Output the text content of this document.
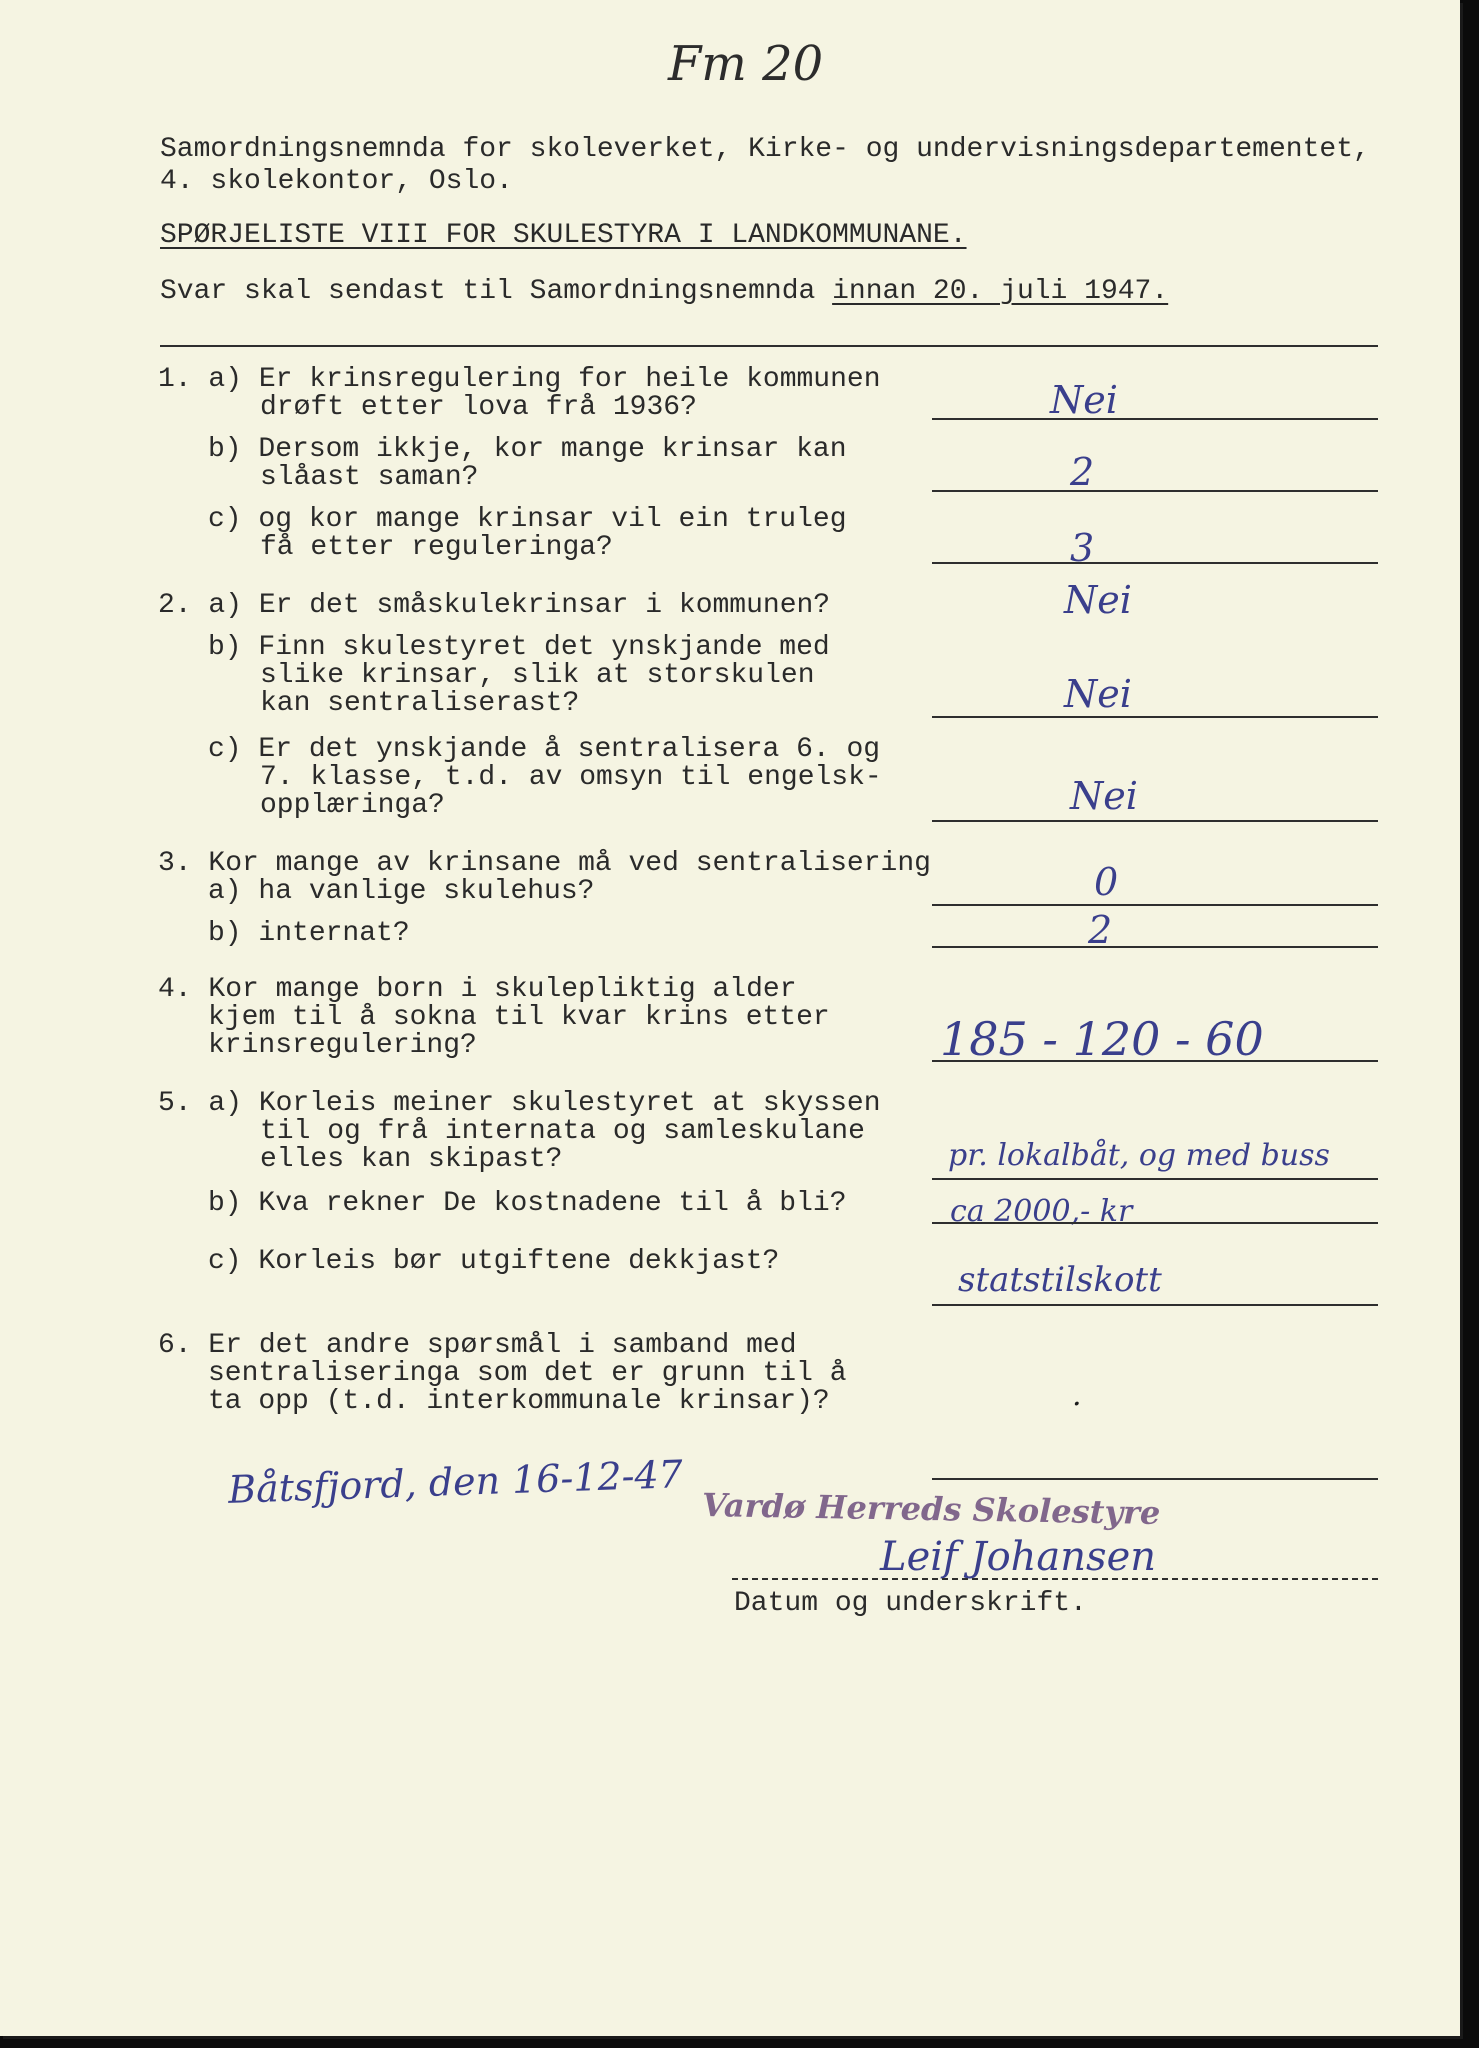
Fm 20
Samordningsnemnda for skoleverket, Kirke- og undervisningsdepartementet,
4. skolekontor, Oslo.
SPØRJELISTE VIII FOR SKULESTYRA I LANDKOMMUNANE.
Svar skal sendast til Samordningsnemnda innan 20. juli 1947.
1. a) Er krinsregulering for heile kommunen
drøft etter lova frå 1936?	Nei
b) Dersom ikkje, kor mange krinsar kan
slåast saman?	2
c) og kor mange krinsar vil ein truleg
få etter reguleringa?	3
2. a) Er det småskulekrinsar i kommunen?	Nei
b) Finn skulestyret det ynskjande med
slike krinsar, slik at storskulen
kan sentraliserast?	Nei
c) Er det ynskjande å sentralisera 6. og
7. klasse, t.d. av omsyn til engelsk-
opplæringa?	Nei
3. Kor mange av krinsane må ved sentralisering
a) ha vanlige skulehus?	0
b) internat?	2
4. Kor mange born i skulepliktig alder
kjem til å sokna til kvar krins etter
krinsregulering?	185 - 120 - 60
5. a) Korleis meiner skulestyret at skyssen
til og frå internata og samleskulane
elles kan skipast?	pr. lokalbåt, og med buss
b) Kva rekner De kostnadene til å bli?	ca 2000,- kr
c) Korleis bør utgiftene dekkjast?	statstilskott
6. Er det andre spørsmål i samband med
sentraliseringa som det er grunn til å
ta opp (t.d. interkommunale krinsar)?	.
Båtsfjord, den 16-12-47 Vardø Herreds Skolestyre
Leif Johansen
Datum og underskrift.
